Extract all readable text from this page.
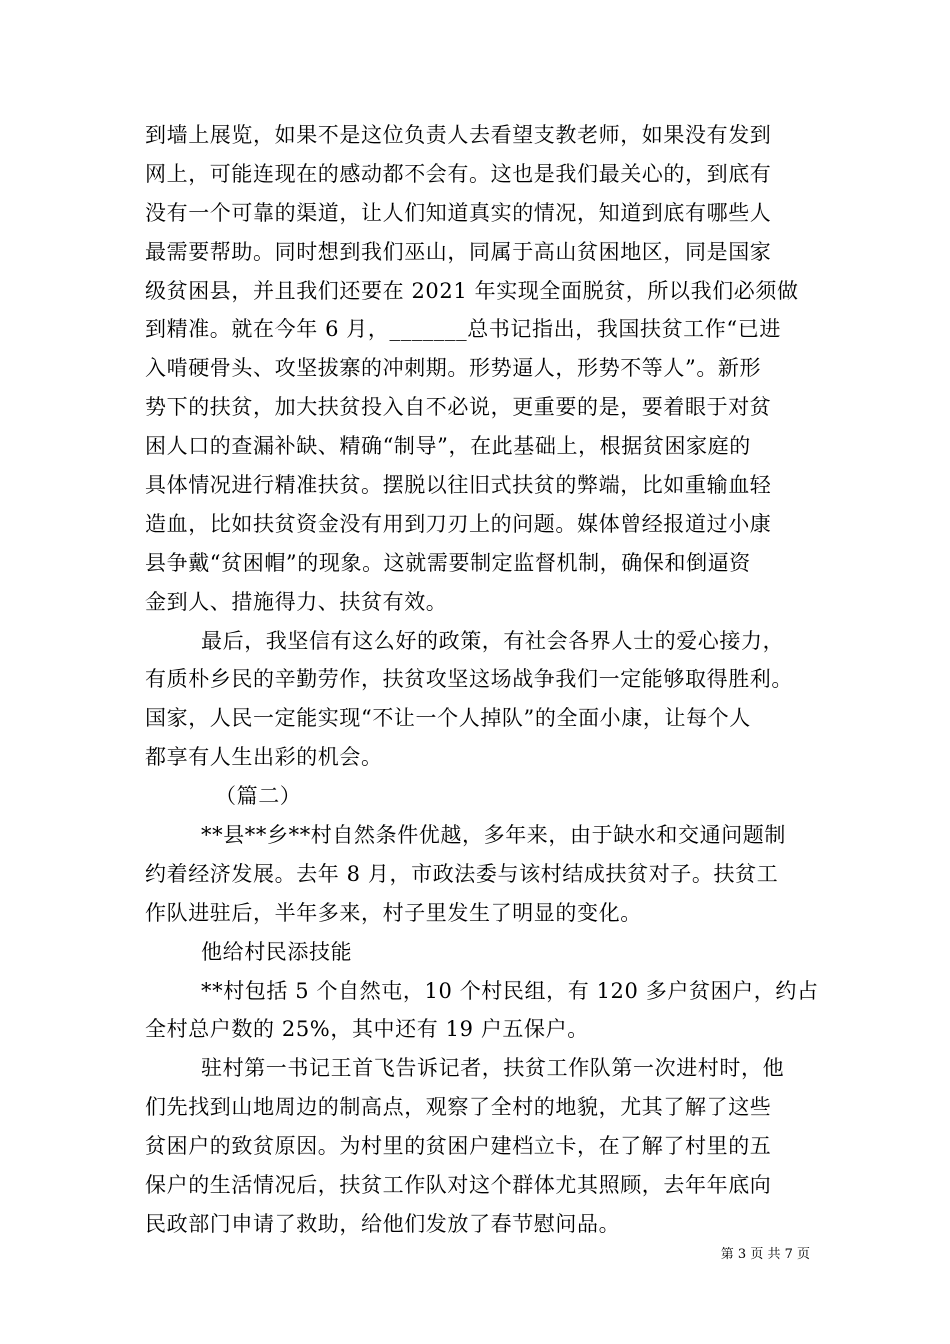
到墙上展览，如果不是这位负责人去看望支教老师，如果没有发到
网上，可能连现在的感动都不会有。这也是我们最关心的，到底有
没有一个可靠的渠道，让人们知道真实的情况，知道到底有哪些人
最需要帮助。同时想到我们巫山，同属于高山贫困地区，同是国家
级贫困县，并且我们还要在 2021 年实现全面脱贫，所以我们必须做
到精准。就在今年 6 月，_______总书记指出，我国扶贫工作“已进
入啃硬骨头、攻坚拔寨的冲刺期。形势逼人，形势不等人”。新形
势下的扶贫，加大扶贫投入自不必说，更重要的是，要着眼于对贫
困人口的查漏补缺、精确“制导”，在此基础上，根据贫困家庭的
具体情况进行精准扶贫。摆脱以往旧式扶贫的弊端，比如重输血轻
造血，比如扶贫资金没有用到刀刃上的问题。媒体曾经报道过小康
县争戴“贫困帽”的现象。这就需要制定监督机制，确保和倒逼资
金到人、措施得力、扶贫有效。
最后，我坚信有这么好的政策，有社会各界人士的爱心接力，
有质朴乡民的辛勤劳作，扶贫攻坚这场战争我们一定能够取得胜利。
国家，人民一定能实现“不让一个人掉队”的全面小康，让每个人
都享有人生出彩的机会。
（篇二）
**县**乡**村自然条件优越，多年来，由于缺水和交通问题制
约着经济发展。去年 8 月，市政法委与该村结成扶贫对子。扶贫工
作队进驻后，半年多来，村子里发生了明显的变化。
他给村民添技能
**村包括 5 个自然屯，10 个村民组，有 120 多户贫困户，约占
全村总户数的 25%，其中还有 19 户五保户。
驻村第一书记王首飞告诉记者，扶贫工作队第一次进村时，他
们先找到山地周边的制高点，观察了全村的地貌，尤其了解了这些
贫困户的致贫原因。为村里的贫困户建档立卡，在了解了村里的五
保户的生活情况后，扶贫工作队对这个群体尤其照顾，去年年底向
民政部门申请了救助，给他们发放了春节慰问品。
第 3 页 共 7 页
